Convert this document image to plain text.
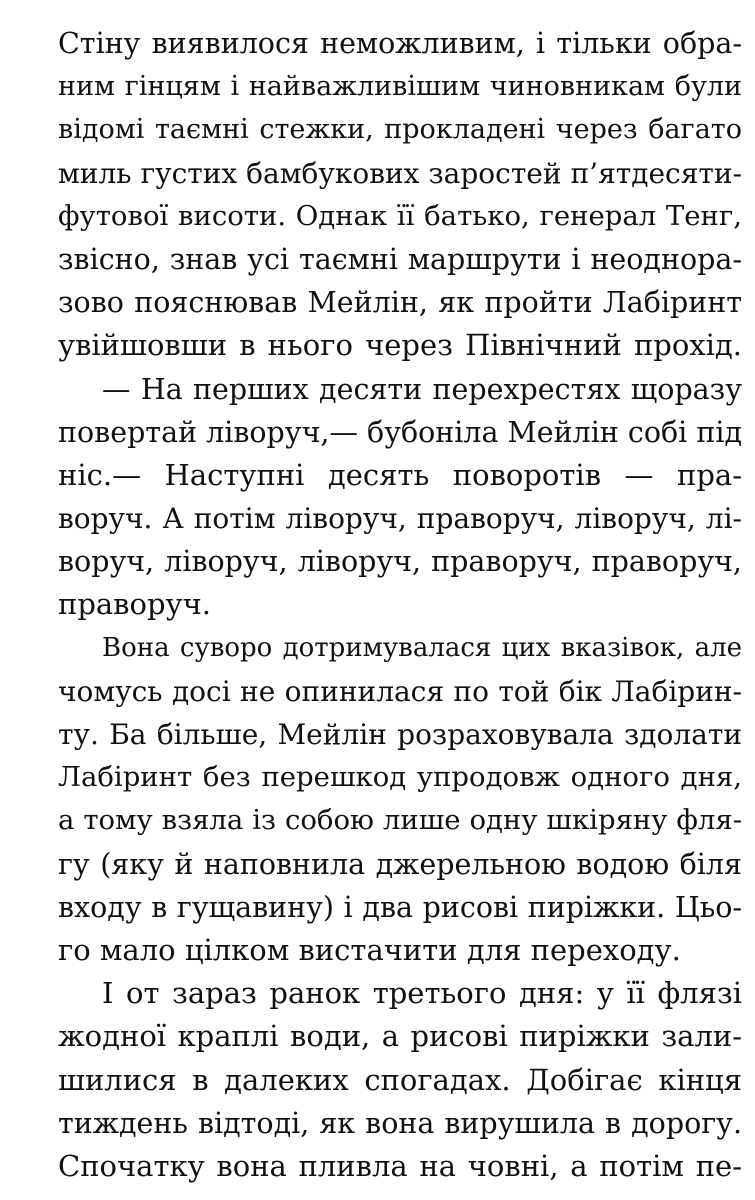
Стіну виявилося неможливим, і тільки обра-
ним гінцям і найважливішим чиновникам були
відомі таємні стежки, прокладені через багато
миль густих бамбукових заростей п’ятдесяти-
футової висоти. Однак її батько, генерал Тенг,
звісно, знав усі таємні маршрути і неоднора-
зово пояснював Мейлін, як пройти Лабіринт
увійшовши в нього через Північний прохід.
— На перших десяти перехрестях щоразу
повертай ліворуч,— бубоніла Мейлін собі під
ніс.— Наступні десять поворотів — пра-
воруч. А потім ліворуч, праворуч, ліворуч, лі-
воруч, ліворуч, ліворуч, праворуч, праворуч,
праворуч.
Вона суворо дотримувалася цих вказівок, але
чомусь досі не опинилася по той бік Лабірин-
ту. Ба більше, Мейлін розраховувала здолати
Лабіринт без перешкод упродовж одного дня,
а тому взяла із собою лише одну шкіряну фля-
гу (яку й наповнила джерельною водою біля
входу в гущавину) і два рисові пиріжки. Цьо-
го мало цілком вистачити для переходу.
І от зараз ранок третього дня: у її флязі
жодної краплі води, а рисові пиріжки зали-
шилися в далеких спогадах. Добігає кінця
тиждень відтоді, як вона вирушила в дорогу.
Спочатку вона пливла на човні, а потім пе-
